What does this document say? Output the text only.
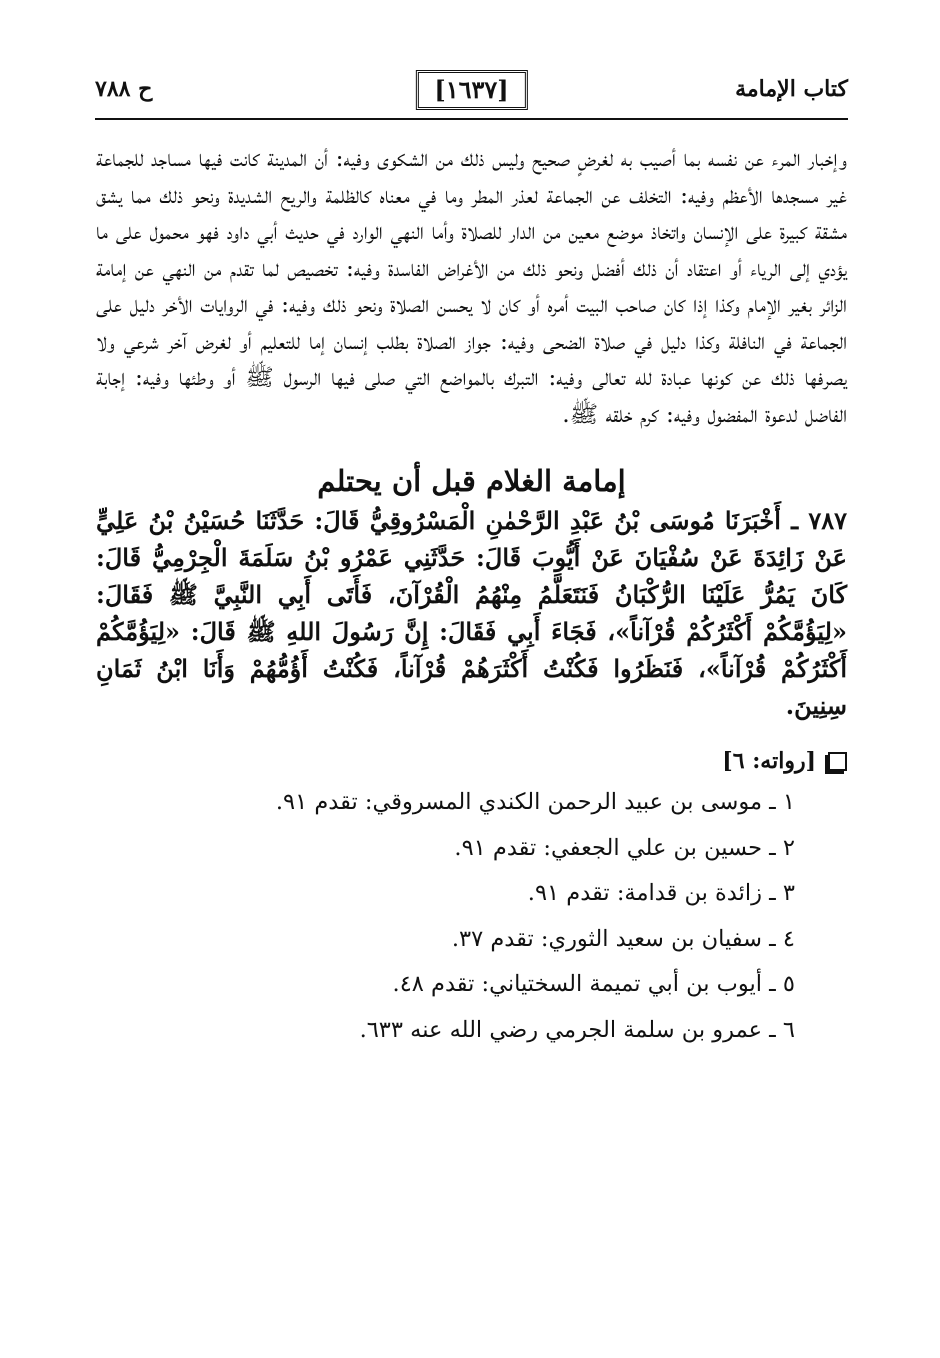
كتاب الإمامة
[١٦٣٧]
ح ٧٨٨

وإخبار المرء عن نفسه بما أصيب به لغرضٍ صحيح وليس ذلك من الشكوى وفيه: أن المدينة كانت فيها مساجد للجماعة غير مسجدها الأعظم وفيه: التخلف عن الجماعة لعذر المطر وما في معناه كالظلمة والريح الشديدة ونحو ذلك مما يشق مشقة كبيرة على الإنسان واتخاذ موضع معين من الدار للصلاة وأما النهي الوارد في حديث أبي داود فهو محمول على ما يؤدي إلى الرياء أو اعتقاد أن ذلك أفضل ونحو ذلك من الأغراض الفاسدة وفيه: تخصيص لما تقدم من النهي عن إمامة الزائر بغير الإمام وكذا إذا كان صاحب البيت أمره أو كان لا يحسن الصلاة ونحو ذلك وفيه: في الروايات الأخر دليل على الجماعة في النافلة وكذا دليل في صلاة الضحى وفيه: جواز الصلاة بطلب إنسان إما للتعليم أو لغرض آخر شرعي ولا يصرفها ذلك عن كونها عبادة لله تعالى وفيه: التبرك بالمواضع التي صلى فيها الرسول ﷺ أو وطئها وفيه: إجابة الفاضل لدعوة المفضول وفيه: كرم خلقه ﷺ.

إمامة الغلام قبل أن يحتلم

٧٨٧ ـ أَخْبَرَنَا مُوسَى بْنُ عَبْدِ الرَّحْمٰنِ الْمَسْرُوقِيُّ قَالَ: حَدَّثَنَا حُسَيْنُ بْنُ عَلِيٍّ عَنْ زَائِدَةَ عَنْ سُفْيَانَ عَنْ أَيُّوبَ قَالَ: حَدَّثَنِي عَمْرُو بْنُ سَلَمَةَ الْجِرْمِيُّ قَالَ: كَانَ يَمُرُّ عَلَيْنَا الرُّكْبَانُ فَنَتَعَلَّمُ مِنْهُمُ الْقُرْآنَ، فَأَتَى أَبِي النَّبِيَّ ﷺ فَقَالَ: «لِيَؤُمَّكُمْ أَكْثَرُكُمْ قُرْآناً»، فَجَاءَ أَبِي فَقَالَ: إِنَّ رَسُولَ اللهِ ﷺ قَالَ: «لِيَؤُمَّكُمْ أَكْثَرُكُمْ قُرْآناً»، فَنَظَرُوا فَكُنْتُ أَكْثَرَهُمْ قُرْآناً، فَكُنْتُ أَؤُمُّهُمْ وَأَنَا ابْنُ ثَمَانِ سِنِينَ.

[رواته: ٦]
١ ـ موسى بن عبيد الرحمن الكندي المسروقي: تقدم ٩١.
٢ ـ حسين بن علي الجعفي: تقدم ٩١.
٣ ـ زائدة بن قدامة: تقدم ٩١.
٤ ـ سفيان بن سعيد الثوري: تقدم ٣٧.
٥ ـ أيوب بن أبي تميمة السختياني: تقدم ٤٨.
٦ ـ عمرو بن سلمة الجرمي رضي الله عنه ٦٣٣.
